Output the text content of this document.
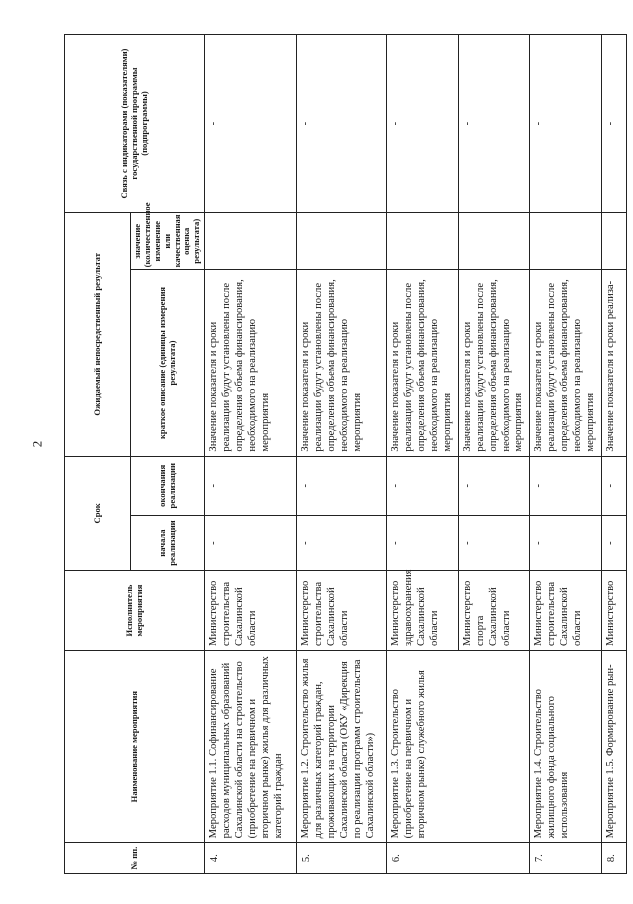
2
№ пп.	Наименование мероприятия	Исполнитель мероприятия	Срок		Ожидаемый непосредственный результат		Связь с индикаторами (показателями) государственной программы (подпрограммы)
			начала реализации	окончания реализации	краткое описание (единицы измерения результата)	значение (количественное изменение или качественная оценка результата)	
4.	Мероприятие 1.1. Софинансирование расходов муниципальных образований Сахалинской области на строительство (приобретение на первичном и вторичном рынке) жилья для различных категорий граждан	Министерство строительства Сахалинской области	-	-	Значение показателя и сроки реализации будут установлены после определения объема финансирования, необходимого на реализацию мероприятия		-
5.	Мероприятие 1.2. Строительство жилья для различных категорий граждан, проживающих на территории Сахалинской области (ОКУ «Дирекция по реализации программ строительства Сахалинской области»)	Министерство строительства Сахалинской области	-	-	Значение показателя и сроки реализации будут установлены после определения объема финансирования, необходимого на реализацию мероприятия		-
6.	Мероприятие 1.3. Строительство (приобретение на первичном и вторичном рынке) служебного жилья	Министерство здравоохранения Сахалинской области	-	-	Значение показателя и сроки реализации будут установлены после определения объема финансирования, необходимого на реализацию мероприятия		-
		Министерство спорта Сахалинской области	-	-	Значение показателя и сроки реализации будут установлены после определения объема финансирования, необходимого на реализацию мероприятия		-
7.	Мероприятие 1.4. Строительство жилищного фонда социального использования	Министерство строительства Сахалинской области	-	-	Значение показателя и сроки реализации будут установлены после определения объема финансирования, необходимого на реализацию мероприятия		-
8.	Мероприятие 1.5. Формирование рын-	Министерство	-	-	Значение показателя и сроки реализа-		-
